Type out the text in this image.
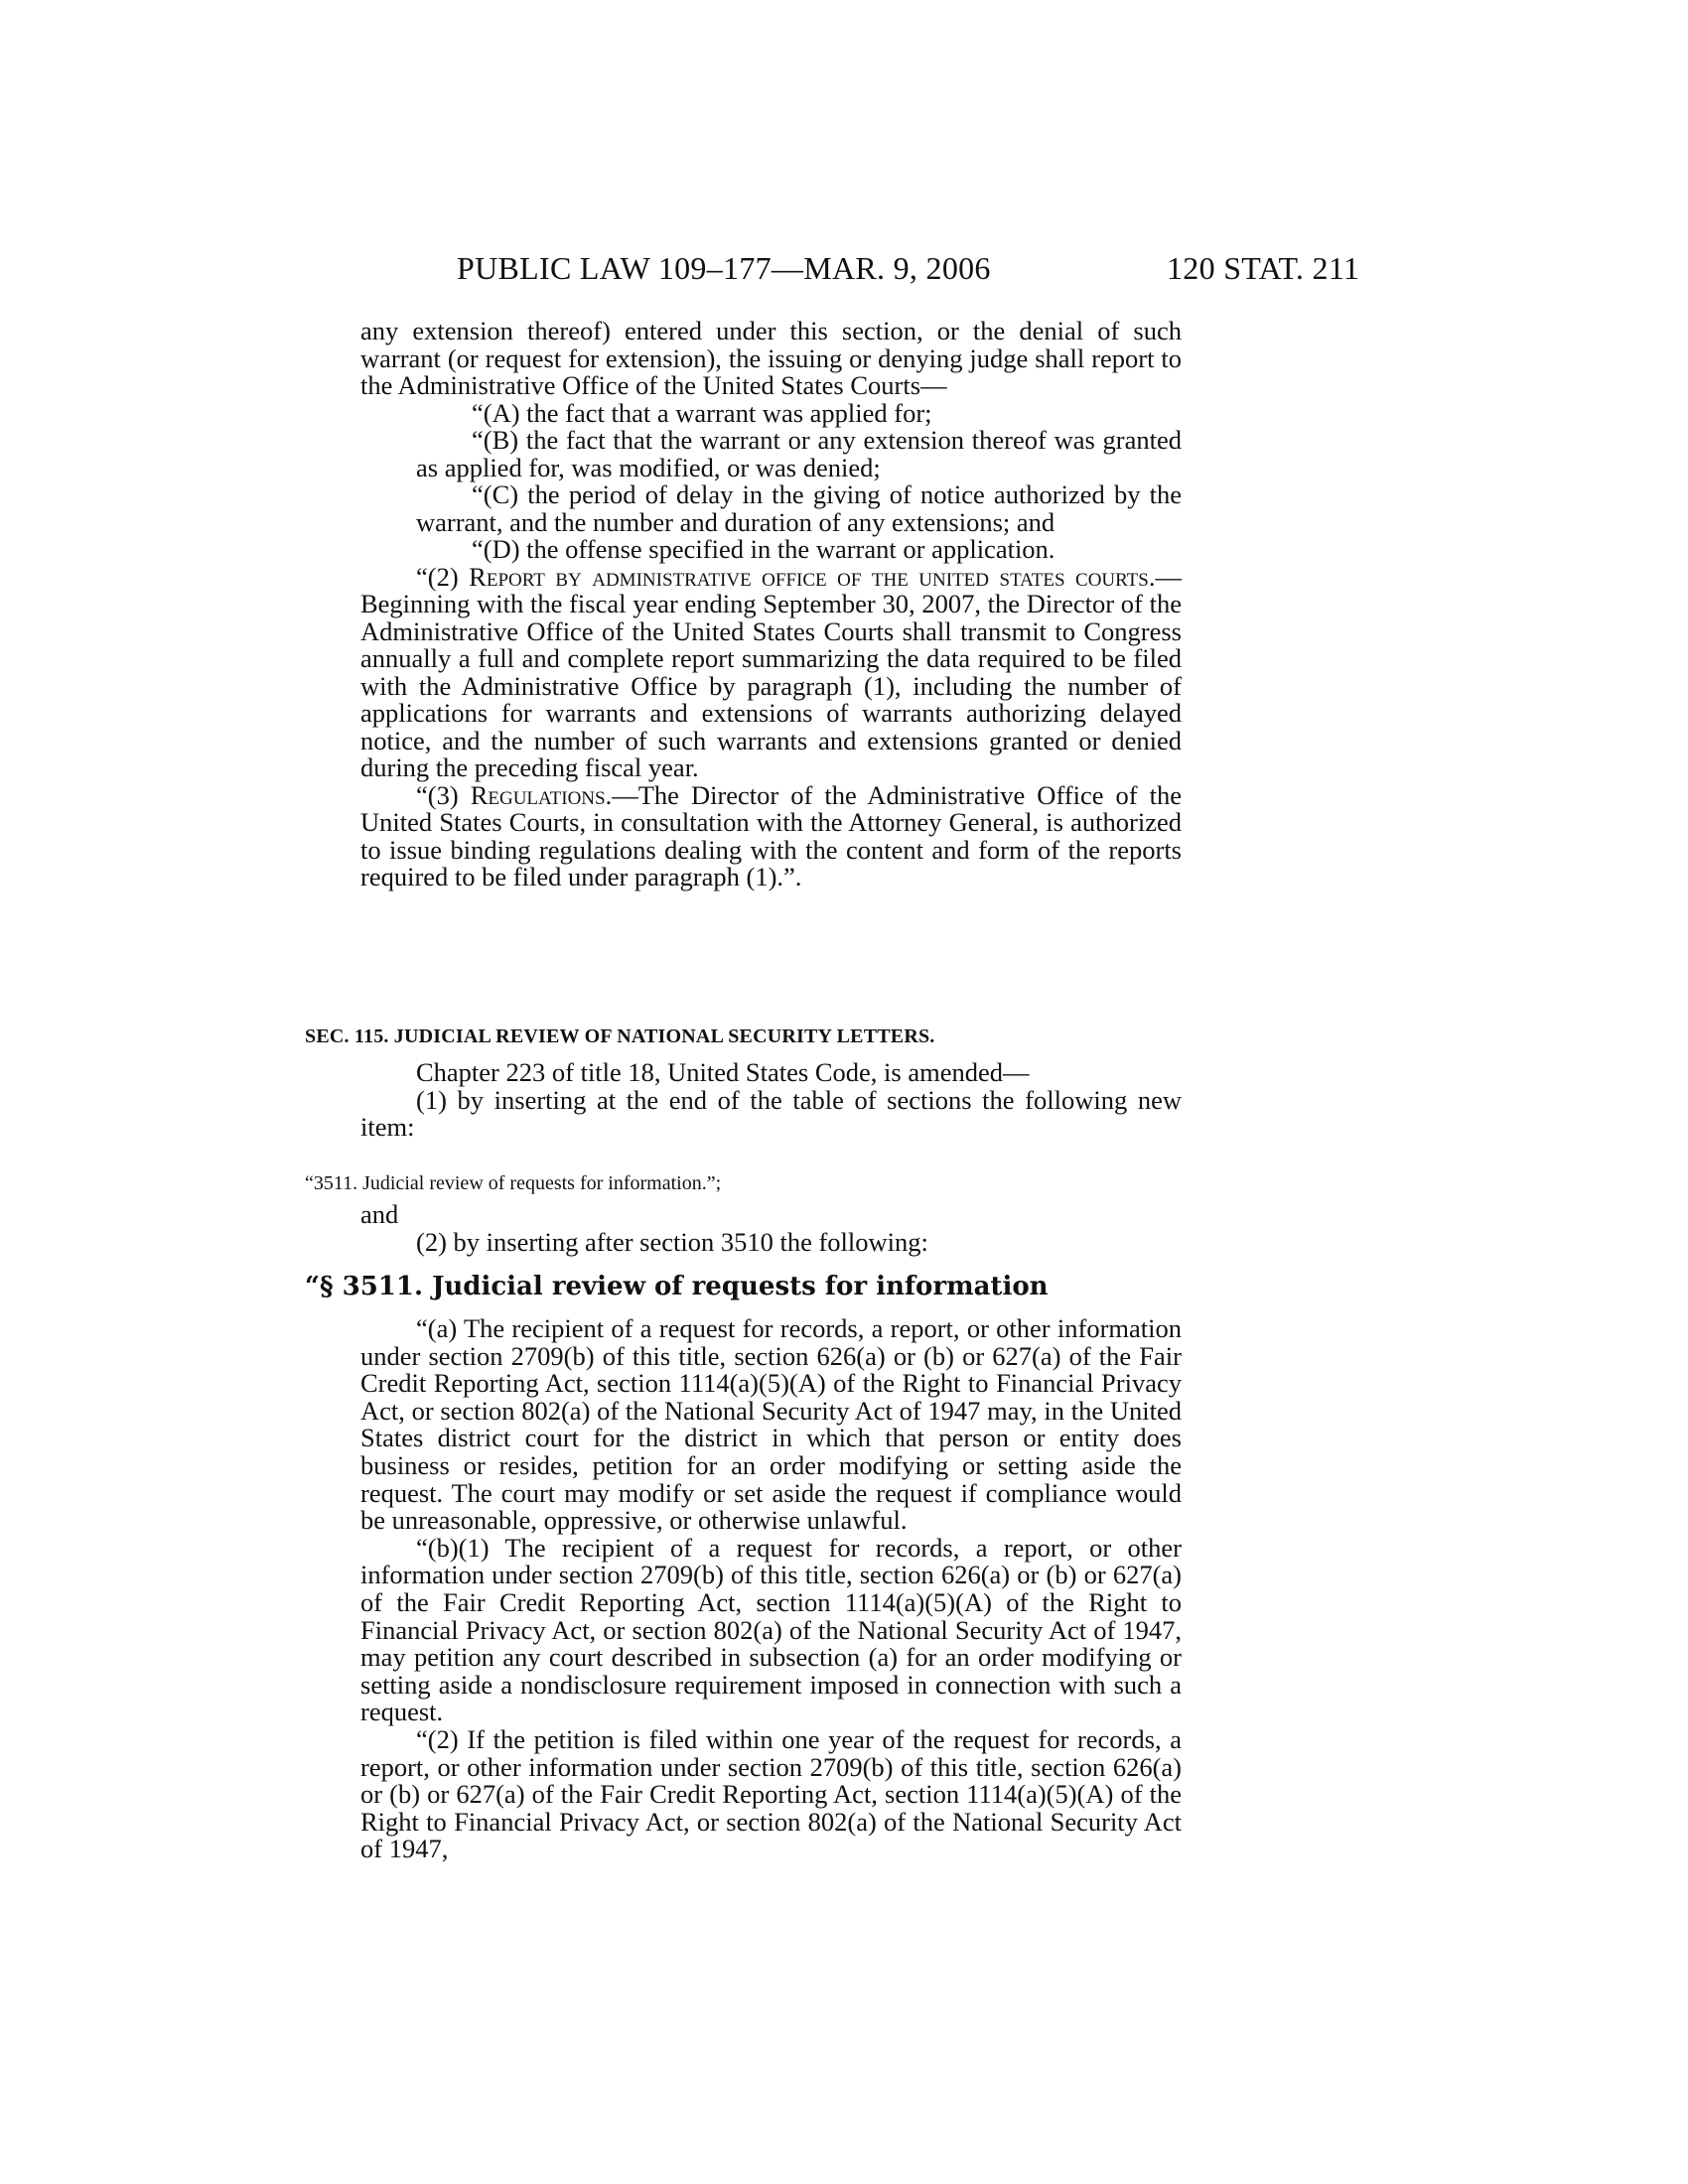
PUBLIC LAW 109–177—MAR. 9, 2006	120 STAT. 211

any extension thereof) entered under this section, or the denial of such warrant (or request for extension), the issuing or denying judge shall report to the Administrative Office of the United States Courts—

“(A) the fact that a warrant was applied for;

“(B) the fact that the warrant or any extension thereof was granted as applied for, was modified, or was denied;

“(C) the period of delay in the giving of notice authorized by the warrant, and the number and duration of any extensions; and

“(D) the offense specified in the warrant or application.

“(2) Report by administrative office of the united states courts.—Beginning with the fiscal year ending September 30, 2007, the Director of the Administrative Office of the United States Courts shall transmit to Congress annually a full and complete report summarizing the data required to be filed with the Administrative Office by paragraph (1), including the number of applications for warrants and extensions of warrants authorizing delayed notice, and the number of such warrants and extensions granted or denied during the preceding fiscal year.

“(3) Regulations.—The Director of the Administrative Office of the United States Courts, in consultation with the Attorney General, is authorized to issue binding regulations dealing with the content and form of the reports required to be filed under paragraph (1).”.

SEC. 115. JUDICIAL REVIEW OF NATIONAL SECURITY LETTERS.

Chapter 223 of title 18, United States Code, is amended—

(1) by inserting at the end of the table of sections the following new item:

“3511. Judicial review of requests for information.”;

and

(2) by inserting after section 3510 the following:

“§ 3511. Judicial review of requests for information

“(a) The recipient of a request for records, a report, or other information under section 2709(b) of this title, section 626(a) or (b) or 627(a) of the Fair Credit Reporting Act, section 1114(a)(5)(A) of the Right to Financial Privacy Act, or section 802(a) of the National Security Act of 1947 may, in the United States district court for the district in which that person or entity does business or resides, petition for an order modifying or setting aside the request. The court may modify or set aside the request if compliance would be unreasonable, oppressive, or otherwise unlawful.

“(b)(1) The recipient of a request for records, a report, or other information under section 2709(b) of this title, section 626(a) or (b) or 627(a) of the Fair Credit Reporting Act, section 1114(a)(5)(A) of the Right to Financial Privacy Act, or section 802(a) of the National Security Act of 1947, may petition any court described in subsection (a) for an order modifying or setting aside a nondisclosure requirement imposed in connection with such a request.

“(2) If the petition is filed within one year of the request for records, a report, or other information under section 2709(b) of this title, section 626(a) or (b) or 627(a) of the Fair Credit Reporting Act, section 1114(a)(5)(A) of the Right to Financial Privacy Act, or section 802(a) of the National Security Act of 1947,
